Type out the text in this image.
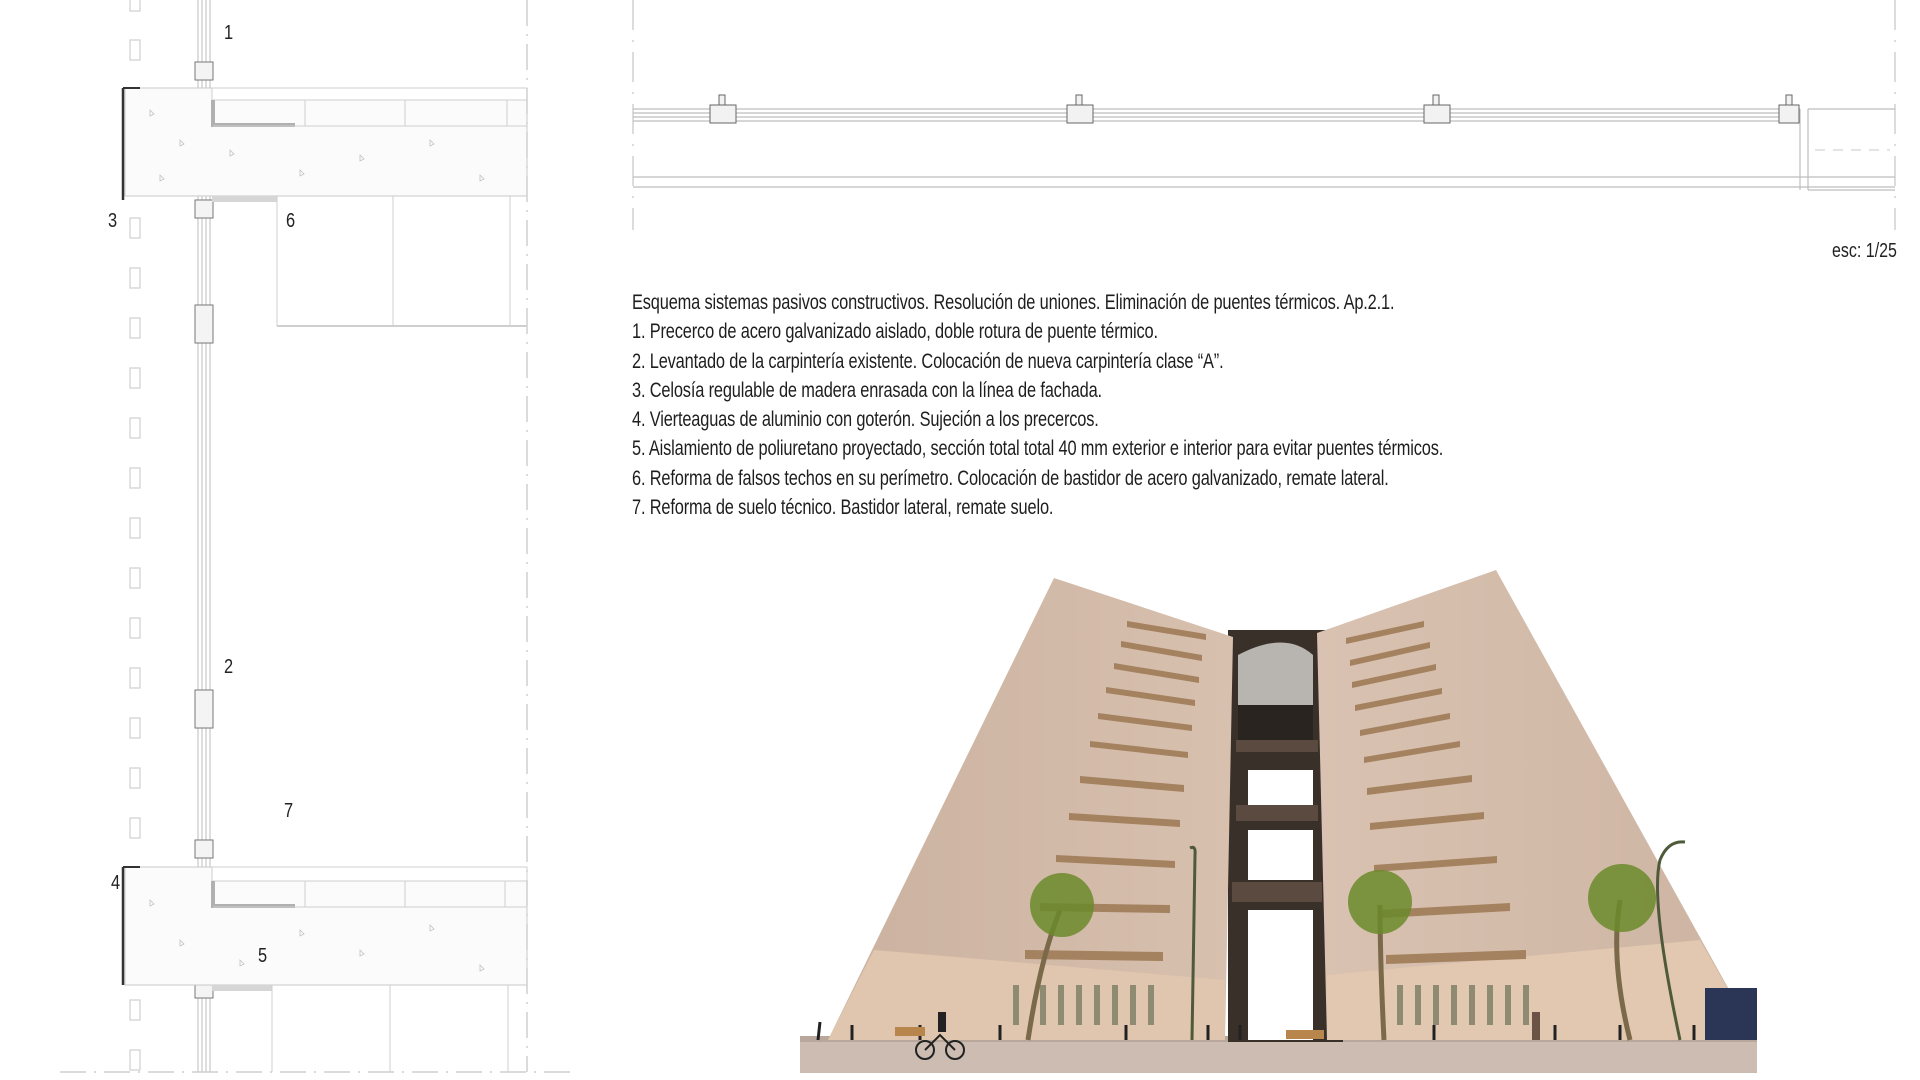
1
2
3
4
5
6
7
esc: 1/25
Esquema sistemas pasivos constructivos. Resolución de uniones. Eliminación de puentes térmicos. Ap.2.1.
1. Precerco de acero galvanizado aislado, doble rotura de puente térmico.
2. Levantado de la carpintería existente. Colocación de nueva carpintería clase “A”.
3. Celosía regulable de madera enrasada con la línea de fachada.
4. Vierteaguas de aluminio con goterón. Sujeción a los precercos.
5. Aislamiento de poliuretano proyectado, sección total total 40 mm exterior e interior para evitar puentes térmicos.
6. Reforma de falsos techos en su perímetro. Colocación de bastidor de acero galvanizado, remate lateral.
7. Reforma de suelo técnico. Bastidor lateral, remate suelo.
